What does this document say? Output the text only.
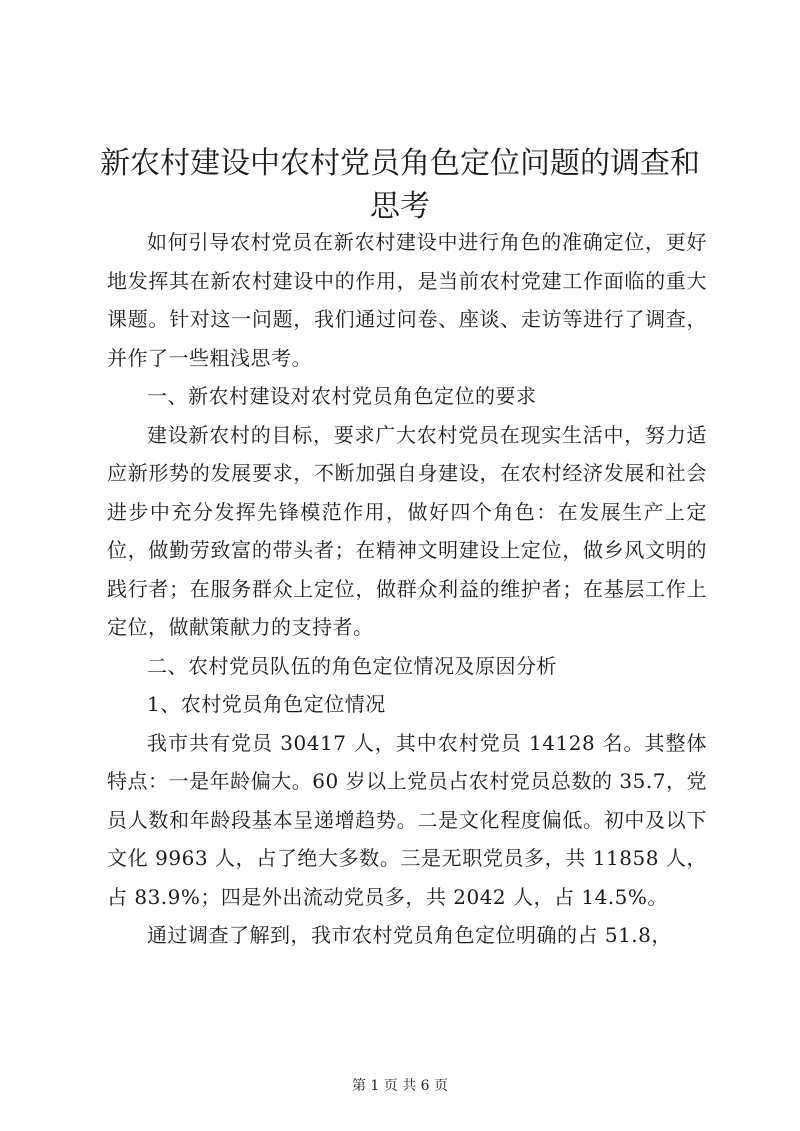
新农村建设中农村党员角色定位问题的调查和
思考

如何引导农村党员在新农村建设中进行角色的准确定位，更好地发挥其在新农村建设中的作用，是当前农村党建工作面临的重大课题。针对这一问题，我们通过问卷、座谈、走访等进行了调查，并作了一些粗浅思考。

一、新农村建设对农村党员角色定位的要求

建设新农村的目标，要求广大农村党员在现实生活中，努力适应新形势的发展要求，不断加强自身建设，在农村经济发展和社会进步中充分发挥先锋模范作用，做好四个角色：在发展生产上定位，做勤劳致富的带头者；在精神文明建设上定位，做乡风文明的践行者；在服务群众上定位，做群众利益的维护者；在基层工作上定位，做献策献力的支持者。

二、农村党员队伍的角色定位情况及原因分析

1、农村党员角色定位情况

我市共有党员 30417 人，其中农村党员 14128 名。其整体特点：一是年龄偏大。60 岁以上党员占农村党员总数的 35.7，党员人数和年龄段基本呈递增趋势。二是文化程度偏低。初中及以下文化 9963 人，占了绝大多数。三是无职党员多，共 11858 人，占 83.9%；四是外出流动党员多，共 2042 人，占 14.5%。

通过调查了解到，我市农村党员角色定位明确的占 51.8，

第 1 页 共 6 页
